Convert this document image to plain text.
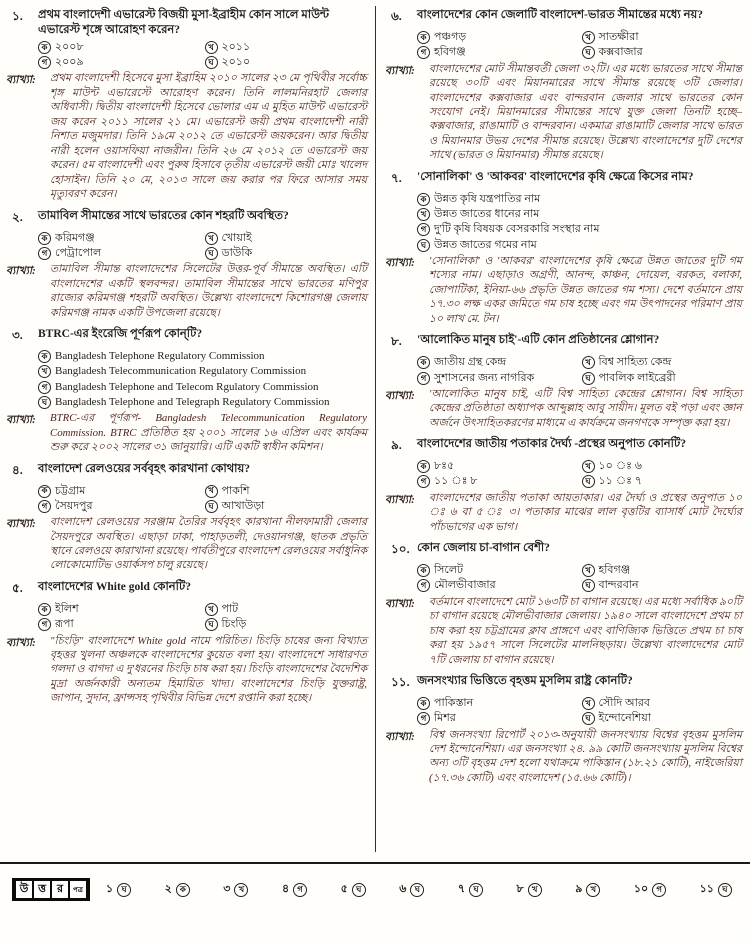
১.	প্রথম বাংলাদেশী এভারেস্ট বিজয়ী মুসা-ইব্রাহীম কোন সালে মাউন্ট এভারেস্ট শৃঙ্গে আরোহণ করেন?
ক ২০০৮	খ ২০১১
গ ২০০৯	ঘ ২০১০
ব্যাখ্যা:	প্রথম বাংলাদেশী হিসেবে মুসা ইব্রাহিম ২০১০ সালের ২৩ মে পৃথিবীর সর্বোচ্চ শৃঙ্গ মাউন্ট এভারেস্টে আরোহণ করেন। তিনি লালমনিরহাট জেলার অধিবাসী। দ্বিতীয় বাংলাদেশী হিসেবে ভোলার এম এ মুহিত মাউন্ট এভারেস্ট জয় করেন ২০১১ সালের ২১ মে। এভারেস্ট জয়ী প্রথম বাংলাদেশী নারী নিশাত মজুমদার। তিনি ১৯মে ২০১২ তে এভারেস্ট জয়করেন। আর দ্বিতীয় নারী হলেন ওয়াসফিয়া নাজরীন। তিনি ২৬ মে ২০১২ তে এভারেস্ট জয় করেন। ৫ম বাংলাদেশী এবং পুরুষ হিসাবে তৃতীয় এভারেস্ট জয়ী মোঃ খালেদ হোসাইন। তিনি ২০ মে, ২০১৩ সালে জয় করার পর ফিরে আসার সময় মৃত্যুবরণ করেন।
২.	তামাবিল সীমান্তের সাথে ভারতের কোন শহরটি অবস্থিত?
ক করিমগঞ্জ	খ খোয়াই
গ পেট্রাপোল	ঘ ডাউকি
ব্যাখ্যা:	তামাবিল সীমান্ত বাংলাদেশের সিলেটের উত্তর-পূর্ব সীমান্তে অবস্থিত। এটি বাংলাদেশের একটি স্থলবন্দর। তামাবিল সীমান্তের সাথে ভারতের মণিপুর রাজ্যের করিমগঞ্জ শহরটি অবস্থিত। উল্লেখ্য বাংলাদেশে কিশোরগঞ্জ জেলায় করিমগঞ্জ নামক একটি উপজেলা রয়েছে।
৩.	BTRC-এর ইংরেজি পূর্ণরূপ কোন্‌টি?
ক Bangladesh Telephone Regulatory Commission
খ Bangladesh Telecommunication Regulatory Commission
গ Bangladesh Telephone and Telecom Rgulatory Commission
ঘ Bangladesh Telephone and Telegraph Regulatory Commission
ব্যাখ্যা:	BTRC-এর পূর্ণরূপ- Bangladesh Telecommunication Regulatory Commission. BTRC প্রতিষ্ঠিত হয় ২০০১ সালের ১৬ এপ্রিল এবং কার্যক্রম শুরু করে ২০০২ সালের ৩১ জানুয়ারি। এটি একটি স্বাধীন কমিশন।
৪.	বাংলাদেশ রেলওয়ের সর্ববৃহৎ কারখানা কোথায়?
ক চট্টগ্রাম	খ পাকশি
গ সৈয়দপুর	ঘ আখাউড়া
ব্যাখ্যা:	বাংলাদেশ রেলওয়ের সরঞ্জাম তৈরির সর্ববৃহৎ কারখানা নীলফামারী জেলার সৈয়দপুরে অবস্থিত। এছাড়া ঢাকা, পাহাড়তলী, দেওয়ানগঞ্জ, ছাতক প্রভৃতি স্থানে রেলওয়ে কারাখানা রয়েছে। পার্বতীপুরে বাংলাদেশ রেলওয়ের সর্বাধুনিক লোকোমোটিভ ওয়ার্কসপ চালু রয়েছে।
৫.	বাংলাদেশের White gold কোনটি?
ক ইলিশ	খ পাট
গ রূপা	ঘ চিংড়ি
ব্যাখ্যা:	"চিংড়ি" বাংলাদেশে White gold নামে পরিচিত। চিংড়ি চাষের জন্য বিখ্যাত বৃহত্তর খুলনা অঞ্চলকে বাংলাদেশের কুয়েত বলা হয়। বাংলাদেশে সাধারণত গলদা ও বাগদা এ দু'ধরনের চিংড়ি চাষ করা হয়। চিংড়ি বাংলাদেশের বৈদেশিক মুদ্রা অর্জনকারী অন্যতম হিমায়িত খাদ্য। বাংলাদেশের চিংড়ি যুক্তরাষ্ট্র, জাপান, সুদান, ফ্রান্সসহ পৃথিবীর বিভিন্ন দেশে রপ্তানি করা হচ্ছে।
৬.	বাংলাদেশের কোন জেলাটি বাংলাদেশ-ভারত সীমান্তের মধ্যে নয়?
ক পঞ্চগড়	খ সাতক্ষীরা
গ হবিগঞ্জ	ঘ কক্সবাজার
ব্যাখ্যা:	বাংলাদেশের মোট সীমান্তবর্তী জেলা ৩২টি। এর মধ্যে ভারতের সাথে সীমান্ত রয়েছে ৩০টি এবং মিয়ানমারের সাথে সীমান্ত রয়েছে ৩টি জেলার। বাংলাদেশের কক্সবাজার এবং বান্দরবান জেলার সাথে ভারতের কোন সংযোগ নেই। মিয়ানমারের সীমান্তের সাথে যুক্ত জেলা তিনটি হচ্ছে– কক্সবাজার, রাঙামাটি ও বান্দরবান। একমাত্র রাঙামাটি জেলার সাথে ভারত ও মিয়ানমার উভয় দেশের সীমান্ত রয়েছে। উল্লেখ্য বাংলাদেশের দুটি দেশের সাথে (ভারত ও মিয়ানমার) সীমান্ত রয়েছে।
৭.	'সোনালিকা' ও 'আকবর' বাংলাদেশের কৃষি ক্ষেত্রে কিসের নাম?
ক উন্নত কৃষি যন্ত্রপাতির নাম
খ উন্নত জাতের ধানের নাম
গ দু'টি কৃষি বিষয়ক বেসরকারি সংস্থার নাম
ঘ উন্নত জাতের গমের নাম
ব্যাখ্যা:	'সোনালিকা' ও 'আকবর' বাংলাদেশের কৃষি ক্ষেত্রে উন্নত জাতের দুটি গম শস্যের নাম। এছাড়াও অগ্রণী, আনন্দ, কাঞ্চন, দোয়েল, বরকত, বলাকা, জোপাটিকা, ইনিয়া-৬৬ প্রভৃতি উন্নত জাতের গম শস্য। দেশে বর্তমানে প্রায় ১৭.৩০ লক্ষ একর জমিতে গম চাষ হচ্ছে এবং গম উৎপাদনের পরিমাণ প্রায় ১০ লাখ মে. টন।
৮.	'আলোকিত মানুষ চাই'-এটি কোন প্রতিষ্ঠানের শ্লোগান?
ক জাতীয় গ্রন্থ কেন্দ্র	খ বিশ্ব সাহিত্য কেন্দ্র
গ সুশাসনের জন্য নাগরিক	ঘ পাবলিক লাইব্রেরী
ব্যাখ্যা:	'আলোকিত মানুষ চাই, এটি বিশ্ব সাহিত্য কেন্দ্রের শ্লোগান। বিশ্ব সাহিত্য কেন্দ্রের প্রতিষ্ঠাতা অধ্যাপক আব্দুল্লাহ আবু সায়ীদ। মূলত বই পড়া এবং জ্ঞান অর্জনে উৎসাহিতকরণের মাধ্যমে এ কার্যক্রমে জনগণকে সম্পৃক্ত করা হয়।
৯.	বাংলাদেশের জাতীয় পতাকার দৈর্ঘ্য -প্রস্থের অনুপাত কোনটি?
ক ৮ঃ৫	খ ১০ ঃ ৬
গ ১১ ঃ ৮	ঘ ১১ ঃ ৭
ব্যাখ্যা:	বাংলাদেশের জাতীয় পতাকা আয়তাকার। এর দৈর্ঘ্য ও প্রস্থের অনুপাত ১০ ঃ ৬ বা ৫ ঃ ৩। পতাকার মাঝের লাল বৃত্তটির ব্যাসার্ধ মোট দৈর্ঘ্যের পাঁচভাগের এক ভাগ।
১০. কোন জেলায় চা-বাগান বেশী?
ক সিলেট	খ হবিগঞ্জ
গ মৌলভীবাজার	ঘ বান্দরবান
ব্যাখ্যা:	বর্তমানে বাংলাদেশে মোট ১৬৩টি চা বাগান রয়েছে। এর মধ্যে সর্বাধিক ৯০টি চা বাগান রয়েছে মৌলভীবাজার জেলায়। ১৯৪০ সালে বাংলাদেশে প্রথম চা চাষ করা হয় চট্টগ্রামের ক্লাব প্রাঙ্গণে এবং বাণিজ্যিক ভিত্তিতে প্রথম চা চাষ করা হয় ১৯৫৭ সালে সিলেটের মালনিছড়ায়। উল্লেখ্য বাংলাদেশের মোট ৭টি জেলায় চা বাগান রয়েছে।
১১. জনসংখ্যার ভিত্তিতে বৃহত্তম মুসলিম রাষ্ট্র কোনটি?
ক পাকিস্তান	খ সৌদি আরব
গ মিশর	ঘ ইন্দোনেশিয়া
ব্যাখ্যা:	বিশ্ব জনসংখ্যা রিপোর্ট ২০১৩-অনুযায়ী জনসংখ্যায় বিশ্বের বৃহত্তম মুসলিম দেশ ইন্দোনেশিয়া। এর জনসংখ্যা ২৪. ৯৯ কোটি জনসংখ্যায় মুসলিম বিশ্বের অন্য ৩টি বৃহত্তম দেশ হলো যথাক্রমে পাকিস্তান (১৮.২১ কোটি), নাইজেরিয়া (১৭.৩৬ কোটি) এবং বাংলাদেশ (১৫.৬৬ কোটি)।
উ ত্ত	র	পত্র ১ ঘ	২ ক	৩ খ	৪ গ	৫ ঘ	৬ ঘ	৭ ঘ	৮ খ	৯ খ	১০ গ	১১ ঘ
